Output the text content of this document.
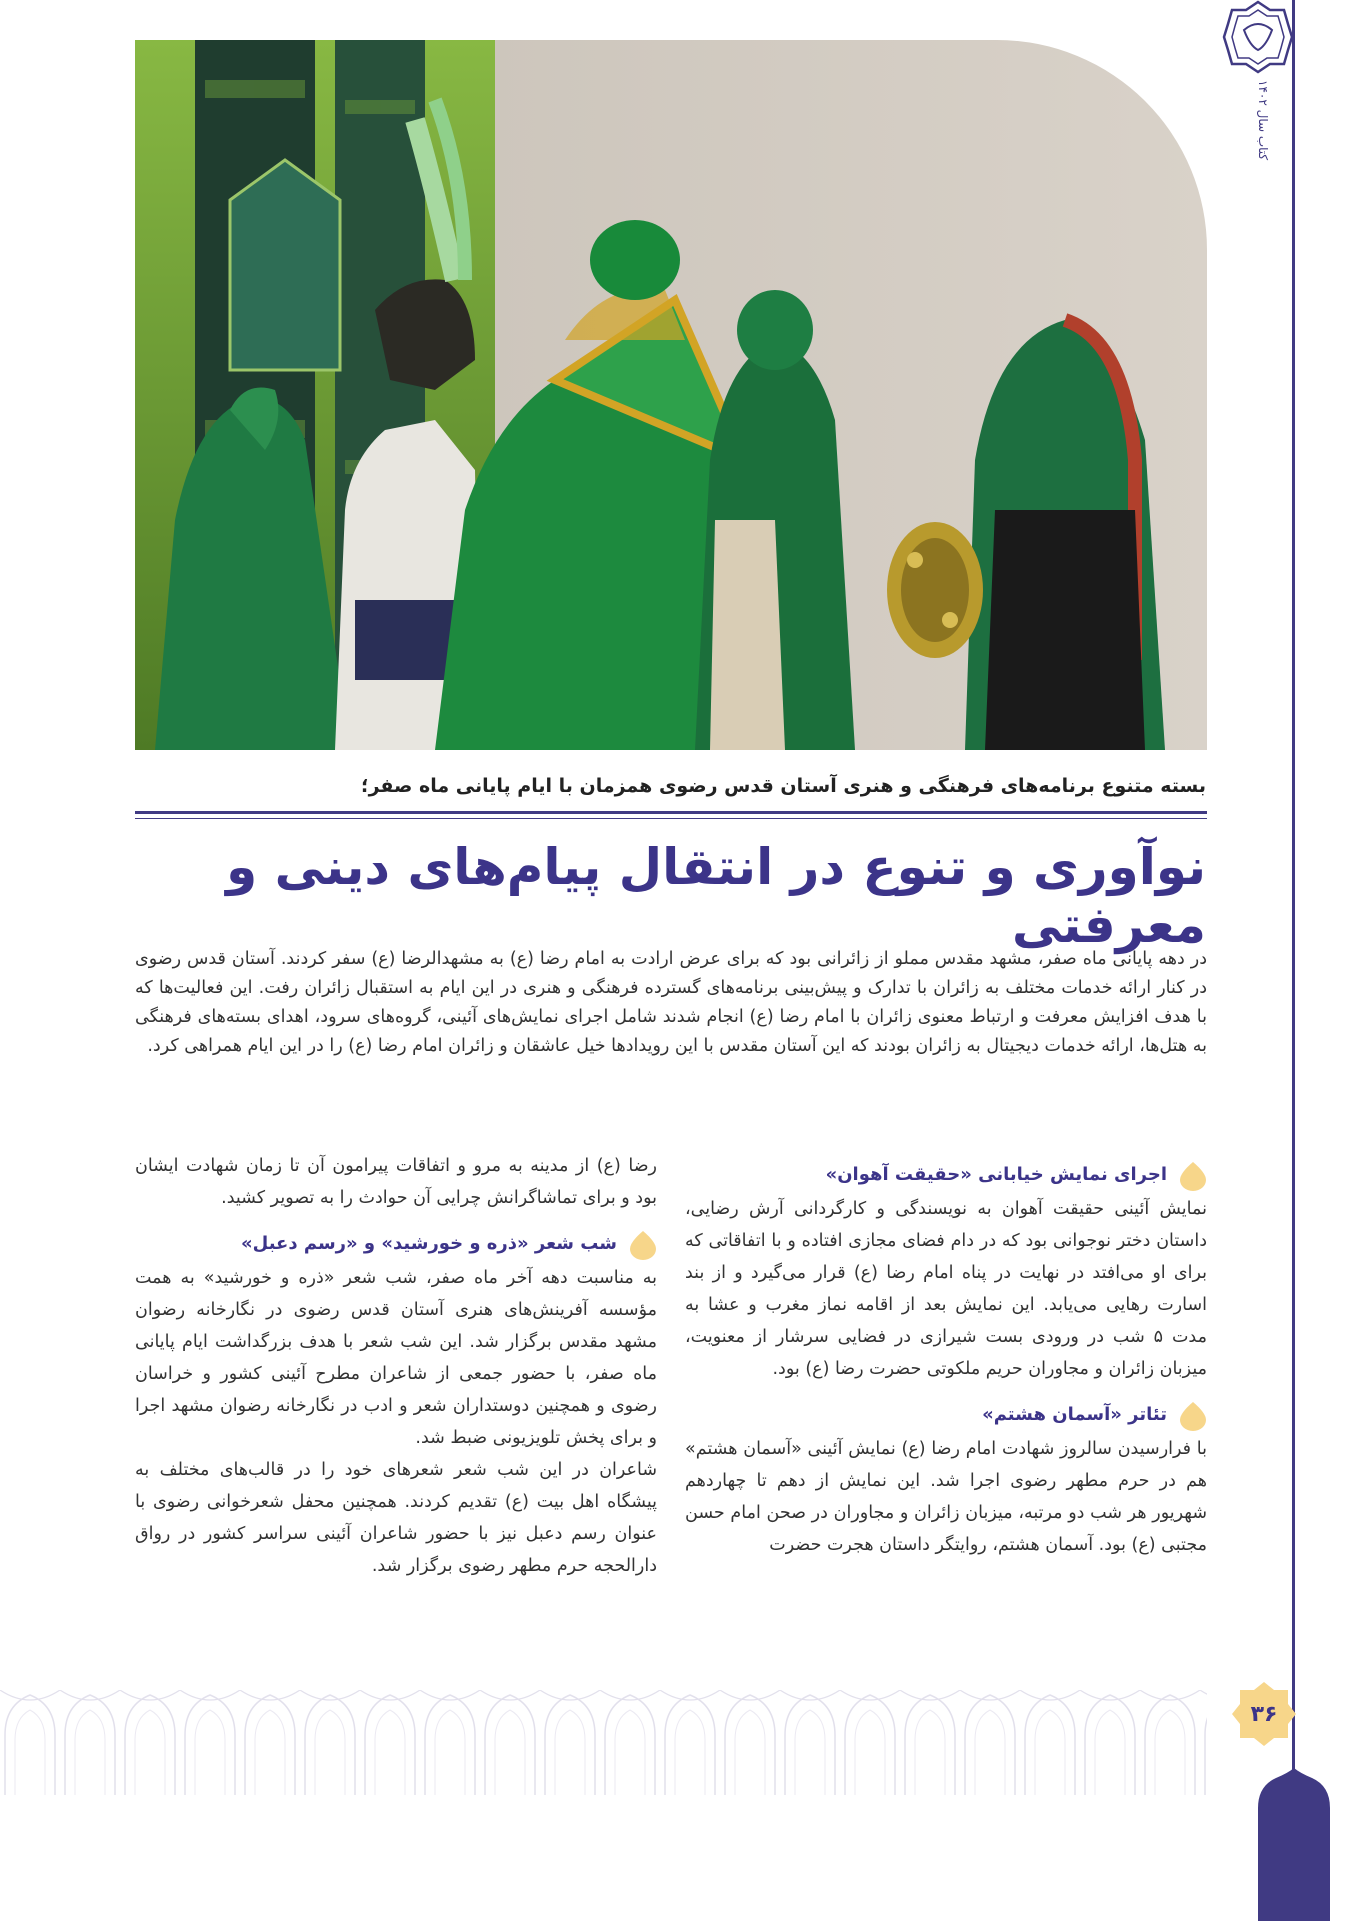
کتاب سال ۱۴۰۲
بسته متنوع برنامه‌های فرهنگی و هنری آستان قدس رضوی همزمان با ایام پایانی ماه صفر؛
نوآوری و تنوع در انتقال پیام‌های دینی و معرفتی
در دهه پایانی ماه صفر، مشهد مقدس مملو از زائرانی بود که برای عرض ارادت به امام رضا (ع) به مشهدالرضا (ع) سفر کردند. آستان قدس رضوی در کنار ارائه خدمات مختلف به زائران با تدارک و پیش‌بینی برنامه‌های گسترده فرهنگی و هنری در این ایام به استقبال زائران رفت. این فعالیت‌ها که با هدف افزایش معرفت و ارتباط معنوی زائران با امام رضا (ع) انجام شدند شامل اجرای نمایش‌های آئینی، گروه‌های سرود، اهدای بسته‌های فرهنگی به هتل‌ها، ارائه خدمات دیجیتال به زائران بودند که این آستان مقدس با این رویداد‌ها خیل عاشقان و زائران امام رضا (ع) را در این ایام همراهی کرد.
اجرای نمایش خیابانی «حقیقت آهوان»

نمایش آئینی حقیقت آهوان به نویسندگی و کارگردانی آرش رضایی، داستان دختر نوجوانی بود که در دام فضای مجازی افتاده و با اتفاقاتی که برای او می‌افتد در نهایت در پناه امام رضا (ع) قرار می‌گیرد و از بند اسارت رهایی می‌یابد. این نمایش بعد از اقامه نماز مغرب و عشا به مدت ۵ شب در ورودی بست شیرازی در فضایی سرشار از معنویت، میزبان زائران و مجاوران حریم ملکوتی حضرت رضا (ع) بود.

تئاتر «آسمان هشتم»

با فرارسیدن سالروز شهادت امام رضا (ع) نمایش آئینی «آسمان هشتم» هم در حرم مطهر رضوی اجرا شد. این نمایش از دهم تا چهاردهم شهریور هر شب دو مرتبه، میزبان زائران و مجاوران در صحن امام حسن مجتبی (ع) بود. آسمان هشتم، روایتگر داستان هجرت حضرت

رضا (ع) از مدینه به مرو و اتفاقات پیرامون آن تا زمان شهادت ایشان بود و برای تماشاگرانش چرایی آن حوادث را به تصویر کشید.

شب شعر «ذره و خورشید» و «رسم دعبل»

به مناسبت دهه آخر ماه صفر، شب شعر «ذره و خورشید» به همت مؤسسه آفرینش‌های هنری آستان قدس رضوی در نگارخانه رضوان مشهد مقدس برگزار شد. این شب شعر با هدف بزرگداشت ایام پایانی ماه صفر، با حضور جمعی از شاعران مطرح آئینی کشور و خراسان رضوی و همچنین دوستداران شعر و ادب در نگارخانه رضوان مشهد اجرا و برای پخش تلویزیونی ضبط شد.

شاعران در این شب شعر شعرهای خود را در قالب‌های مختلف به پیشگاه اهل بیت (ع) تقدیم کردند. همچنین محفل شعرخوانی رضوی با عنوان رسم دعبل نیز با حضور شاعران آئینی سراسر کشور در رواق دارالحجه حرم مطهر رضوی برگزار شد.

۳۶
